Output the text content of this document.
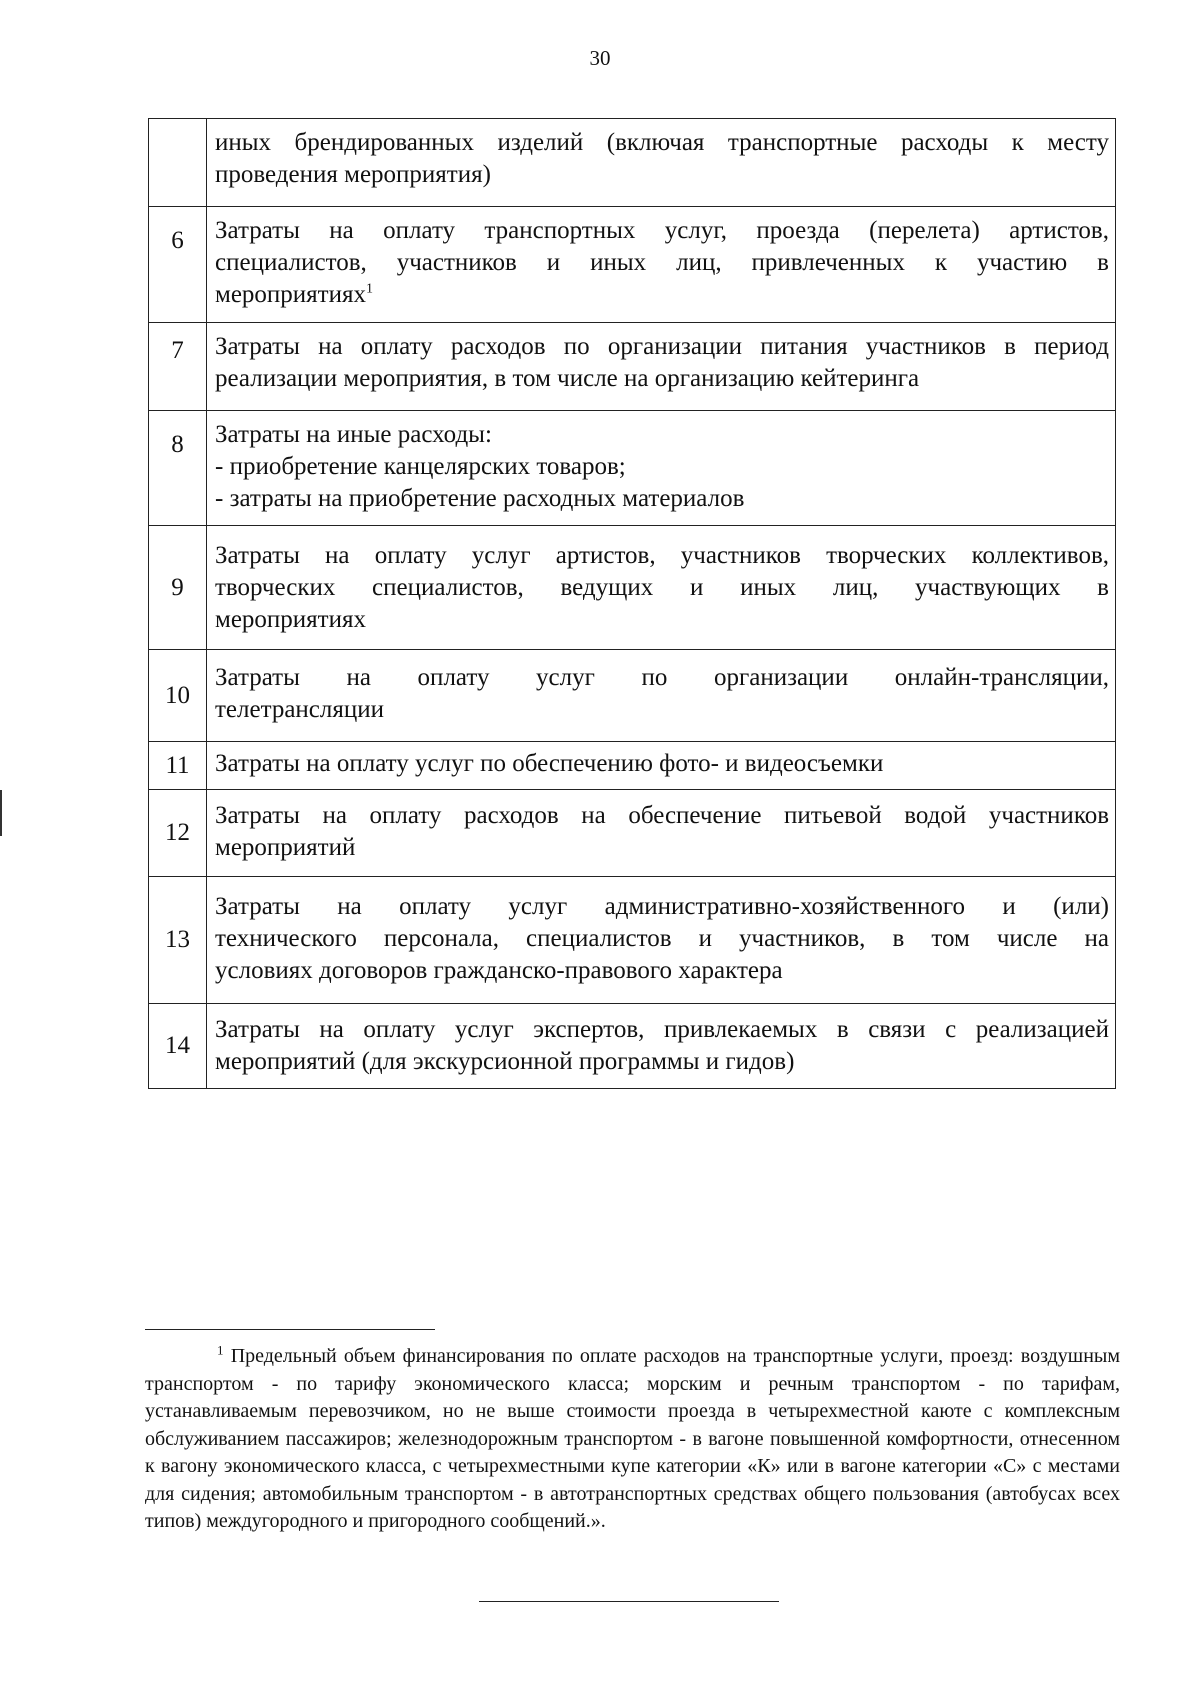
30

	иных брендированных изделий (включая транспортные расходы к месту
проведения мероприятия)

6	Затраты на оплату транспортных услуг, проезда (перелета) артистов,
специалистов, участников и иных лиц, привлеченных к участию в
мероприятиях$^1$

7	Затраты на оплату расходов по организации питания участников в период
реализации мероприятия, в том числе на организацию кейтеринга

8	Затраты на иные расходы:
- приобретение канцелярских товаров;
- затраты на приобретение расходных материалов

9	Затраты на оплату услуг артистов, участников творческих коллективов,
творческих специалистов, ведущих и иных лиц, участвующих в
мероприятиях

10	Затраты на оплату услуг по организации онлайн-трансляции,
телетрансляции

11	Затраты на оплату услуг по обеспечению фото- и видеосъемки

12	Затраты на оплату расходов на обеспечение питьевой водой участников
мероприятий

13	Затраты на оплату услуг административно-хозяйственного и (или)
технического персонала, специалистов и участников, в том числе на
условиях договоров гражданско-правового характера

14	Затраты на оплату услуг экспертов, привлекаемых в связи с реализацией
мероприятий (для экскурсионной программы и гидов)
$^1$ Предельный объем финансирования по оплате расходов на транспортные услуги, проезд: воздушным транспортом - по тарифу экономического класса; морским и речным транспортом - по тарифам, устанавливаемым перевозчиком, но не выше стоимости проезда в четырехместной каюте с комплексным обслуживанием пассажиров; железнодорожным транспортом - в вагоне повышенной комфортности, отнесенном к вагону экономического класса, с четырехместными купе категории «К» или в вагоне категории «С» с местами для сидения; автомобильным транспортом - в автотранспортных средствах общего пользования (автобусах всех типов) междугородного и пригородного сообщений.».
